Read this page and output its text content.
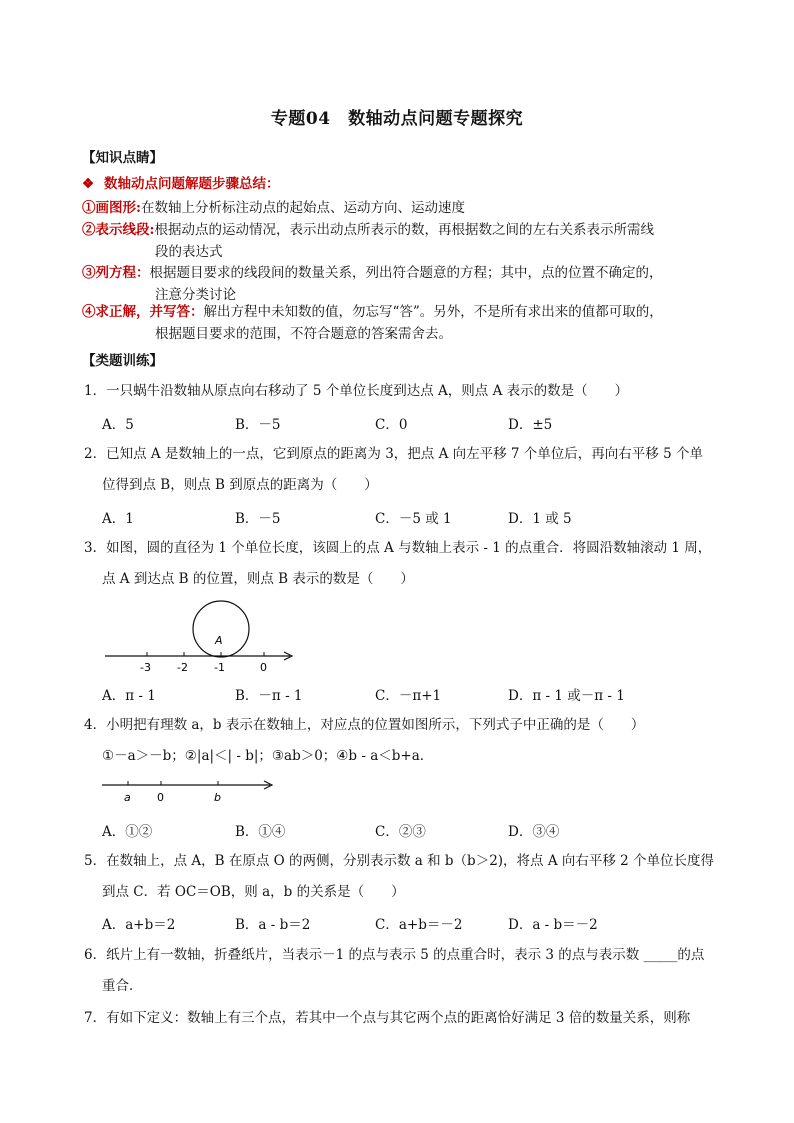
专题04　数轴动点问题专题探究
【知识点睛】
❖ 数轴动点问题解题步骤总结：
①画图形:在数轴上分析标注动点的起始点、运动方向、运动速度
②表示线段:根据动点的运动情况，表示出动点所表示的数，再根据数之间的左右关系表示所需线
段的表达式
③列方程：根据题目要求的线段间的数量关系，列出符合题意的方程；其中，点的位置不确定的，
注意分类讨论
④求正解，并写答：解出方程中未知数的值，勿忘写“答”。另外，不是所有求出来的值都可取的，
根据题目要求的范围，不符合题意的答案需舍去。
【类题训练】
1．一只蜗牛沿数轴从原点向右移动了 5 个单位长度到达点 A，则点 A 表示的数是（　　）
A．5	B．－5	C．0	D．±5
2．已知点 A 是数轴上的一点，它到原点的距离为 3，把点 A 向左平移 7 个单位后，再向右平移 5 个单
位得到点 B，则点 B 到原点的距离为（　　）
A．1	B．－5	C．－5 或 1	D．1 或 5
3．如图，圆的直径为 1 个单位长度，该圆上的点 A 与数轴上表示 - 1 的点重合．将圆沿数轴滚动 1 周，
点 A 到达点 B 的位置，则点 B 表示的数是（　　）
A
-3 -2 -1	0
A．π - 1	B．－π - 1	C．－π+1	D．π - 1 或－π - 1
4．小明把有理数 a，b 表示在数轴上，对应点的位置如图所示，下列式子中正确的是（　　）
①－a＞－b；②|a|＜| - b|；③ab＞0；④b - a＜b+a．
a 0	b
A．①②	B．①④	C．②③	D．③④
5．在数轴上，点 A，B 在原点 O 的两侧，分别表示数 a 和 b（b＞2)，将点 A 向右平移 2 个单位长度得
到点 C．若 OC＝OB，则 a，b 的关系是（　　）
A．a+b＝2	B．a - b＝2	C．a+b＝－2	D．a - b＝－2
6．纸片上有一数轴，折叠纸片，当表示－1 的点与表示 5 的点重合时，表示 3 的点与表示数 _____的点
重合．
7．有如下定义：数轴上有三个点，若其中一个点与其它两个点的距离恰好满足 3 倍的数量关系，则称
